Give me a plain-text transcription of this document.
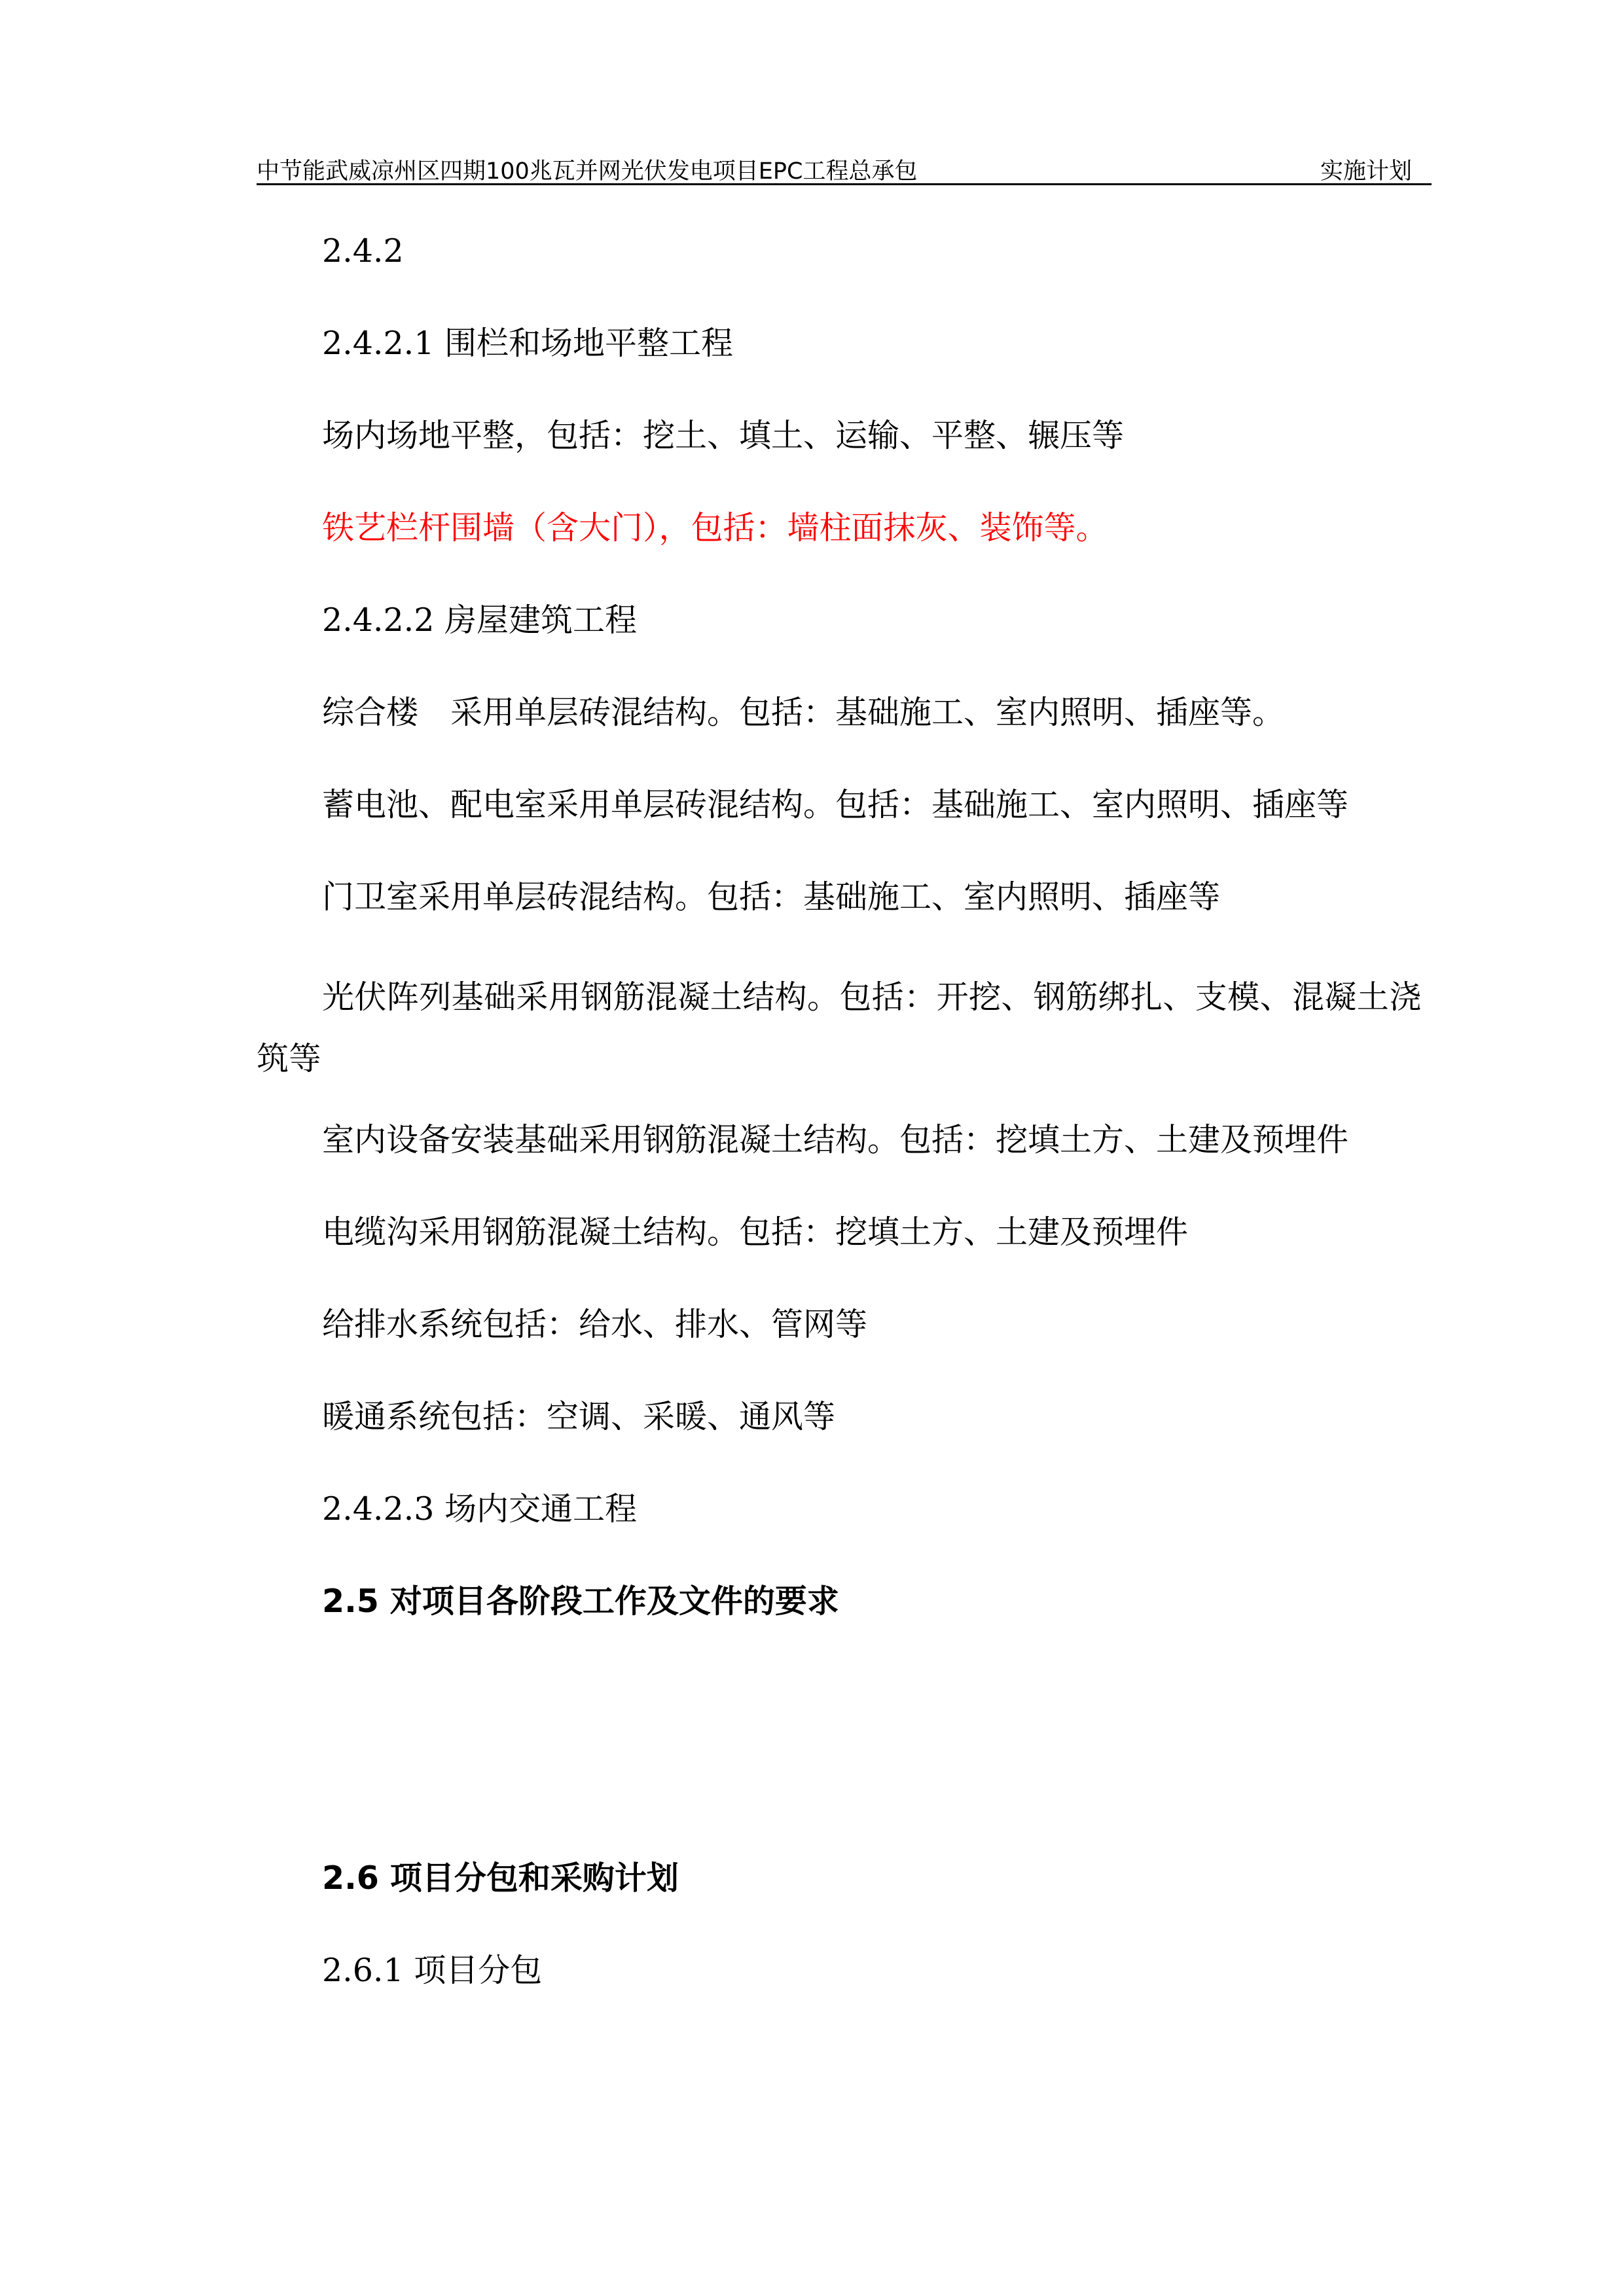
中节能武威凉州区四期100兆瓦并网光伏发电项目EPC工程总承包	实施计划
2.4.2
2.4.2.1 围栏和场地平整工程
场内场地平整，包括：挖土、填土、运输、平整、辗压等
铁艺栏杆围墙（含大门），包括：墙柱面抹灰、装饰等。
2.4.2.2 房屋建筑工程
综合楼　采用单层砖混结构。包括：基础施工、室内照明、插座等。
蓄电池、配电室采用单层砖混结构。包括：基础施工、室内照明、插座等
门卫室采用单层砖混结构。包括：基础施工、室内照明、插座等
光伏阵列基础采用钢筋混凝土结构。包括：开挖、钢筋绑扎、支模、混凝土浇筑等
室内设备安装基础采用钢筋混凝土结构。包括：挖填土方、土建及预埋件
电缆沟采用钢筋混凝土结构。包括：挖填土方、土建及预埋件
给排水系统包括：给水、排水、管网等
暖通系统包括：空调、采暖、通风等
2.4.2.3 场内交通工程
2.5 对项目各阶段工作及文件的要求
2.6 项目分包和采购计划
2.6.1 项目分包
